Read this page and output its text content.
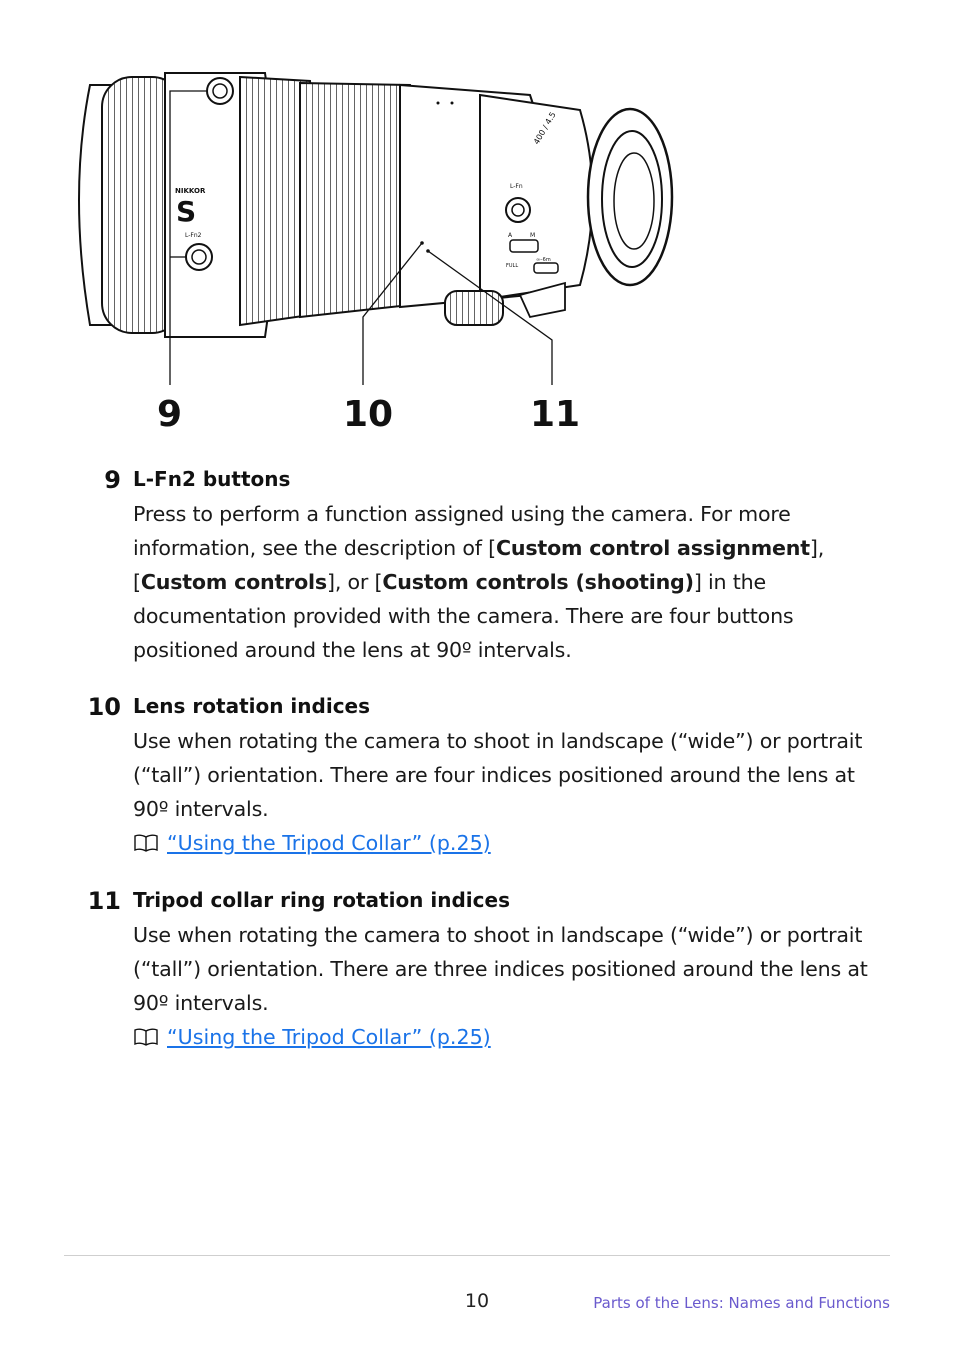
NIKKOR
S
L-Fn2
L-Fn
400 / 4.5
A	M
FULL
∞–6m
9	10	11
9 L-Fn2 buttons
Press to perform a function assigned using the camera. For more information, see the description of [Custom control assignment], [Custom controls], or [Custom controls (shooting)] in the documentation provided with the camera. There are four buttons positioned around the lens at 90º intervals.
10 Lens rotation indices
Use when rotating the camera to shoot in landscape (“wide”) or portrait (“tall”) orientation. There are four indices positioned around the lens at 90º intervals.
“Using the Tripod Collar” (p.25)
11 Tripod collar ring rotation indices
Use when rotating the camera to shoot in landscape (“wide”) or portrait (“tall”) orientation. There are three indices positioned around the lens at 90º intervals.
“Using the Tripod Collar” (p.25)
10	Parts of the Lens: Names and Functions
